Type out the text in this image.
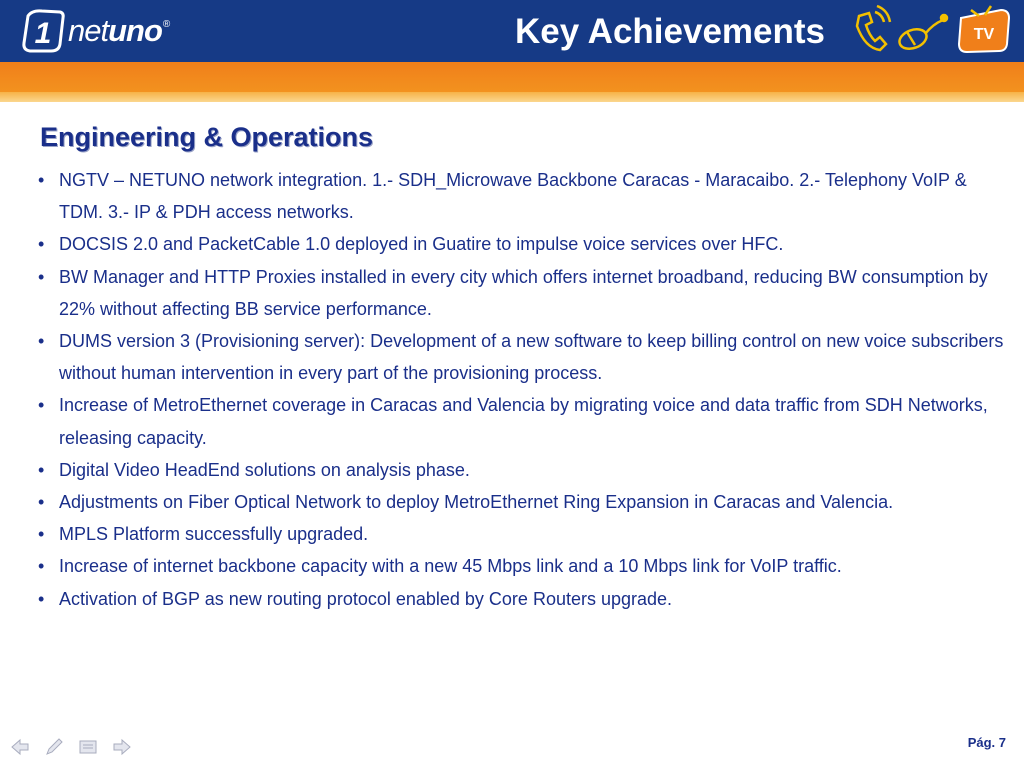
1 netuno®	Key Achievements	TV
Engineering & Operations
• NGTV – NETUNO network integration. 1.- SDH_Microwave Backbone Caracas - Maracaibo. 2.- Telephony VoIP & TDM. 3.- IP & PDH access networks.
• DOCSIS 2.0 and PacketCable 1.0 deployed in Guatire to impulse voice services over HFC.
• BW Manager and HTTP Proxies installed in every city which offers internet broadband, reducing BW consumption by 22% without affecting BB service performance.
• DUMS version 3 (Provisioning server): Development of a new software to keep billing control on new voice subscribers without human intervention in every part of the provisioning process.
• Increase of MetroEthernet coverage in Caracas and Valencia by migrating voice and data traffic from SDH Networks, releasing capacity.
• Digital Video HeadEnd solutions on analysis phase.
• Adjustments on Fiber Optical Network to deploy MetroEthernet Ring Expansion in Caracas and Valencia.
• MPLS Platform successfully upgraded.
• Increase of internet backbone capacity with a new 45 Mbps link and a 10 Mbps link for VoIP traffic.
• Activation of BGP as new routing protocol enabled by Core Routers upgrade.
Pág. 7
